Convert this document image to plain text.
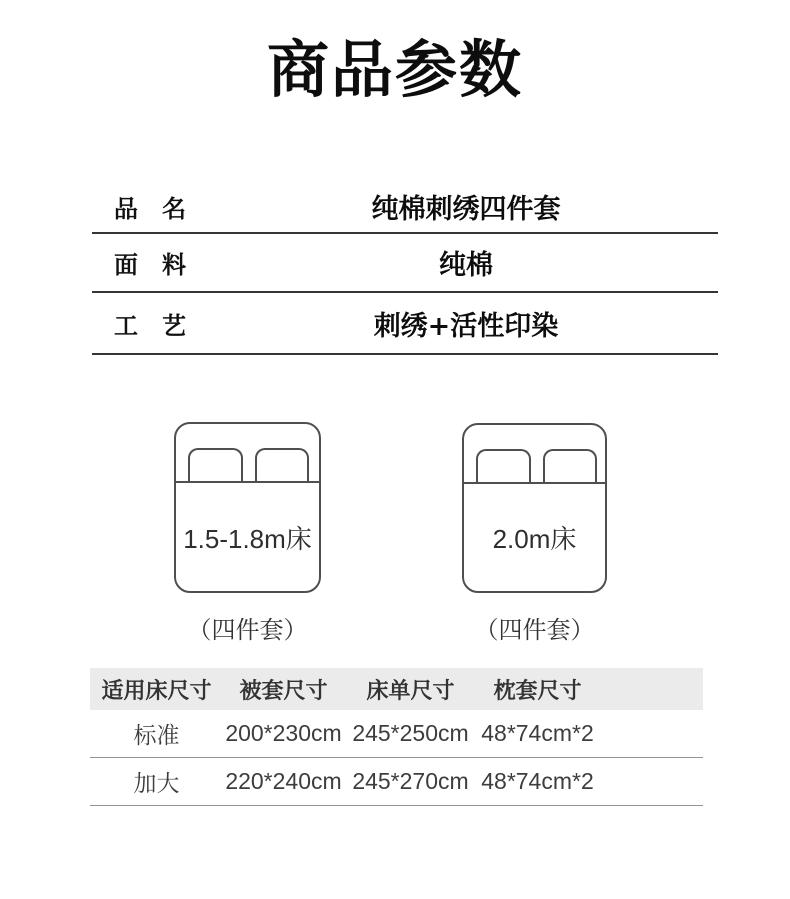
商品参数
品　名	纯棉刺绣四件套
面　料	纯棉
工　艺	刺绣+活性印染
1.5-1.8m床
（四件套）
2.0m床
（四件套）
适用床尺寸	被套尺寸	床单尺寸	枕套尺寸
标准	200*230cm 245*250cm 48*74cm*2
加大	220*240cm 245*270cm 48*74cm*2
